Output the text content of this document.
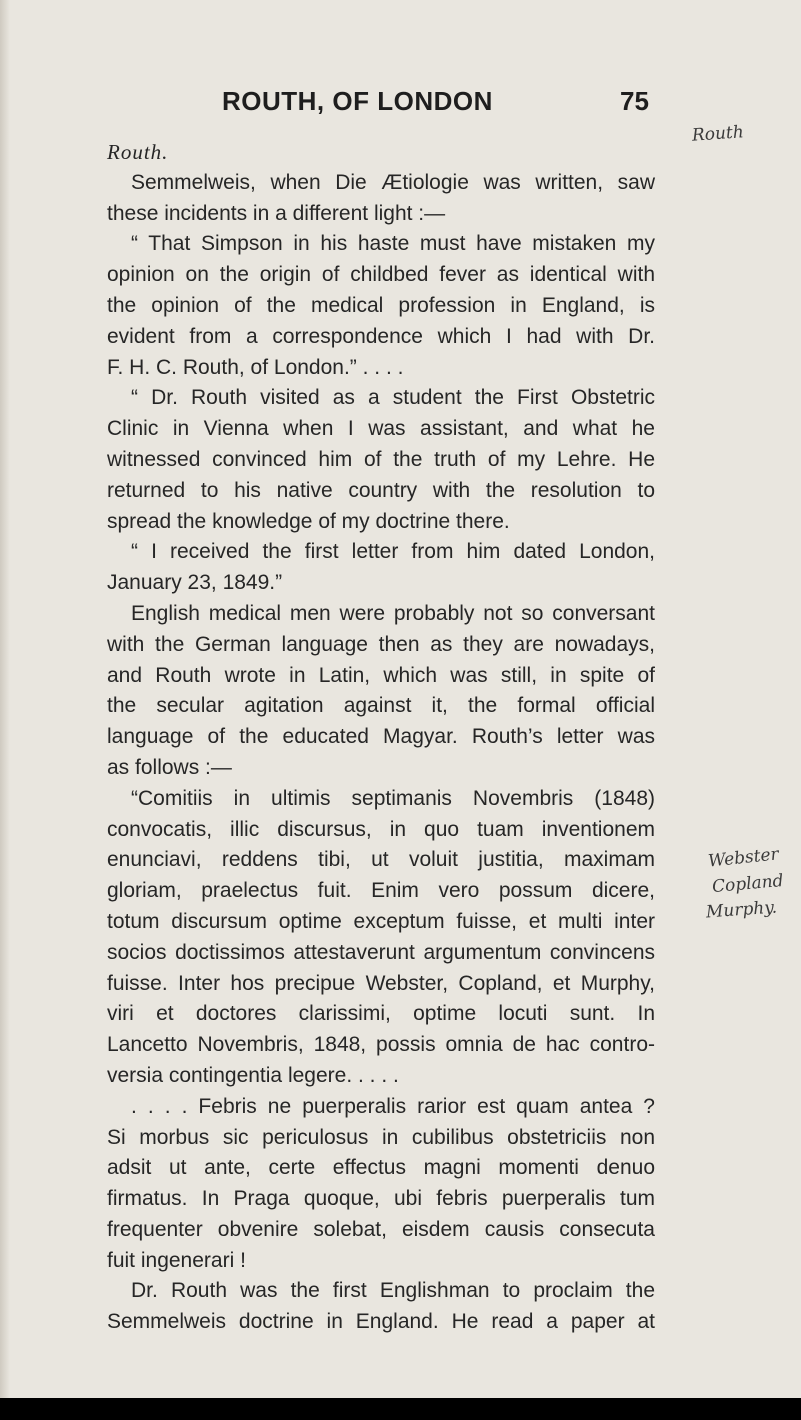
ROUTH, OF LONDON	75
Routh.
Semmelweis, when Die Ætiologie was written, saw
these incidents in a different light :—
“ That Simpson in his haste must have mistaken my
opinion on the origin of childbed fever as identical with
the opinion of the medical profession in England, is
evident from a correspondence which I had with Dr.
F. H. C. Routh, of London.” . . . .
“ Dr. Routh visited as a student the First Obstetric
Clinic in Vienna when I was assistant, and what he
witnessed convinced him of the truth of my Lehre. He
returned to his native country with the resolution to
spread the knowledge of my doctrine there.
“ I received the first letter from him dated London,
January 23, 1849.”
English medical men were probably not so conversant
with the German language then as they are nowadays,
and Routh wrote in Latin, which was still, in spite of
the secular agitation against it, the formal official
language of the educated Magyar. Routh’s letter was
as follows :—
“Comitiis in ultimis septimanis Novembris (1848)
convocatis, illic discursus, in quo tuam inventionem
enunciavi, reddens tibi, ut voluit justitia, maximam
gloriam, praelectus fuit. Enim vero possum dicere,
totum discursum optime exceptum fuisse, et multi inter
socios doctissimos attestaverunt argumentum convincens
fuisse. Inter hos precipue Webster, Copland, et Murphy,
viri et doctores clarissimi, optime locuti sunt. In
Lancetto Novembris, 1848, possis omnia de hac contro-
versia contingentia legere. . . . .
. . . . Febris ne puerperalis rarior est quam antea ?
Si morbus sic periculosus in cubilibus obstetriciis non
adsit ut ante, certe effectus magni momenti denuo
firmatus. In Praga quoque, ubi febris puerperalis tum
frequenter obvenire solebat, eisdem causis consecuta
fuit ingenerari !
Dr. Routh was the first Englishman to proclaim the
Semmelweis doctrine in England. He read a paper at
Routh
Webster
Copland
Murphy.
